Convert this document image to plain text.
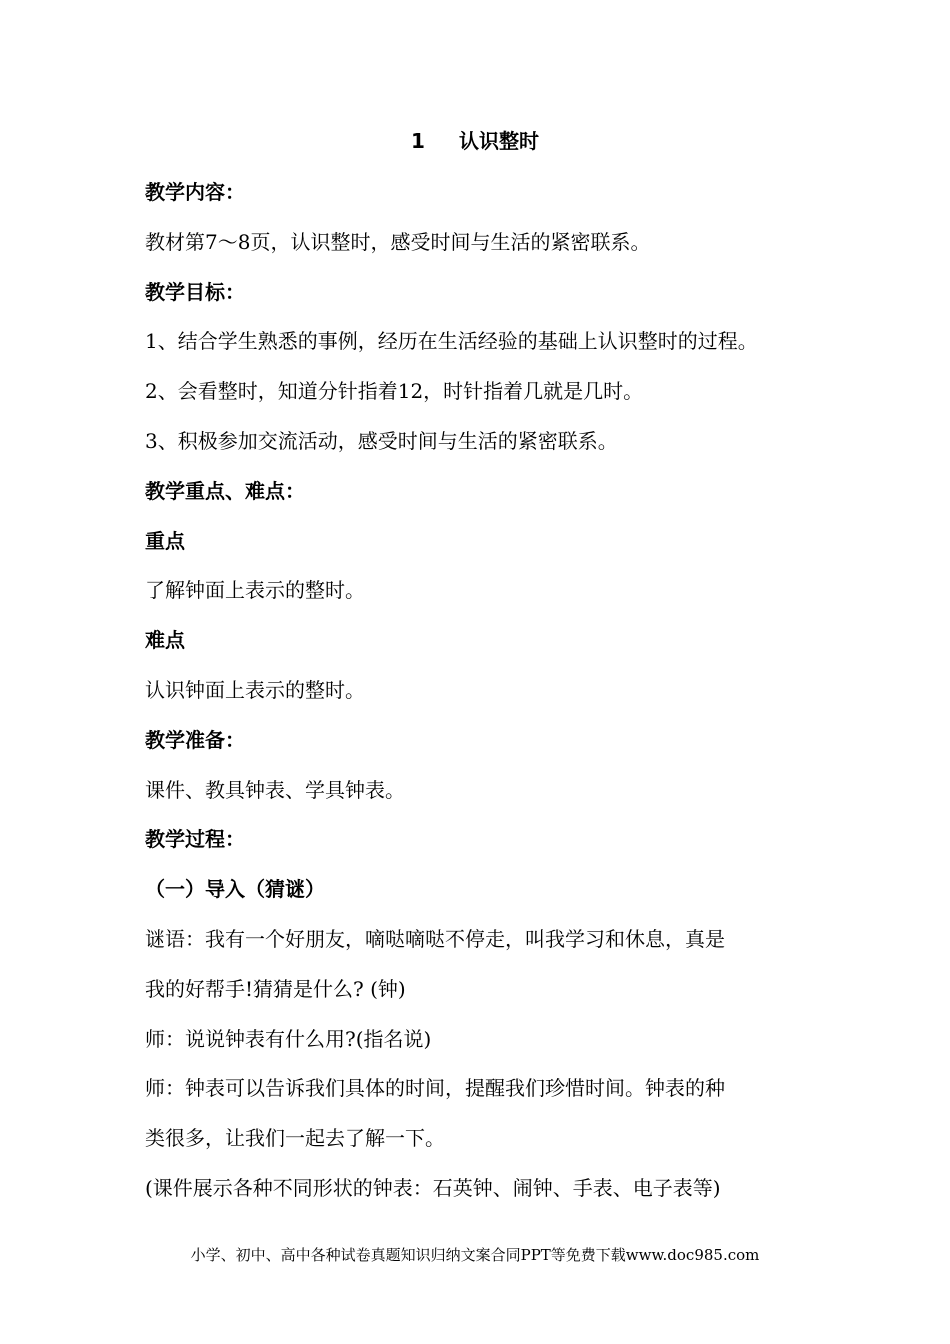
1 认识整时
教学内容：
教材第7～8页，认识整时，感受时间与生活的紧密联系。
教学目标：
1、结合学生熟悉的事例，经历在生活经验的基础上认识整时的过程。
2、会看整时，知道分针指着12，时针指着几就是几时。
3、积极参加交流活动，感受时间与生活的紧密联系。
教学重点、难点：
重点
了解钟面上表示的整时。
难点
认识钟面上表示的整时。
教学准备：
课件、教具钟表、学具钟表。
教学过程：
（一）导入（猜谜）
谜语：我有一个好朋友，嘀哒嘀哒不停走，叫我学习和休息，真是
我的好帮手!猜猜是什么? (钟)
师：说说钟表有什么用?(指名说)
师：钟表可以告诉我们具体的时间，提醒我们珍惜时间。钟表的种
类很多，让我们一起去了解一下。
(课件展示各种不同形状的钟表：石英钟、闹钟、手表、电子表等)
小学、初中、高中各种试卷真题知识归纳文案合同PPT等免费下载www.doc985.com
